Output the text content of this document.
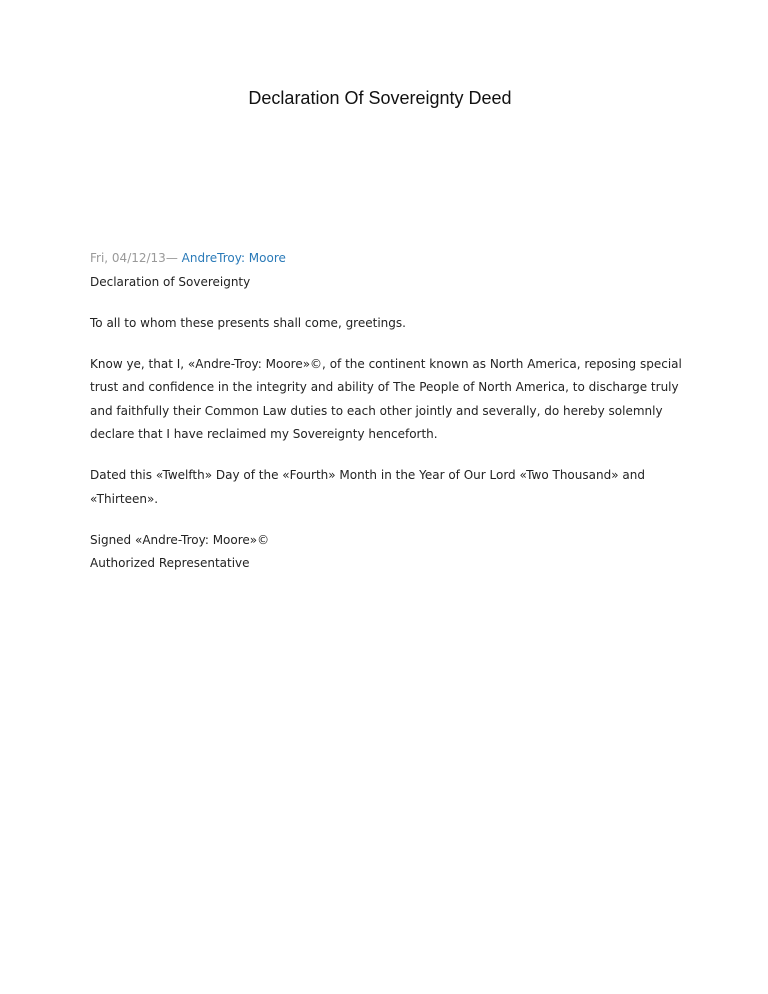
Declaration Of Sovereignty Deed

Fri, 04/12/13— AndreTroy: Moore

Declaration of Sovereignty

To all to whom these presents shall come, greetings.

Know ye, that I, «Andre-Troy: Moore»©, of the continent known as North America, reposing special trust and confidence in the integrity and ability of The People of North America, to discharge truly and faithfully their Common Law duties to each other jointly and severally, do hereby solemnly declare that I have reclaimed my Sovereignty henceforth.

Dated this «Twelfth» Day of the «Fourth» Month in the Year of Our Lord «Two Thousand» and «Thirteen».

Signed «Andre-Troy: Moore»©

Authorized Representative
